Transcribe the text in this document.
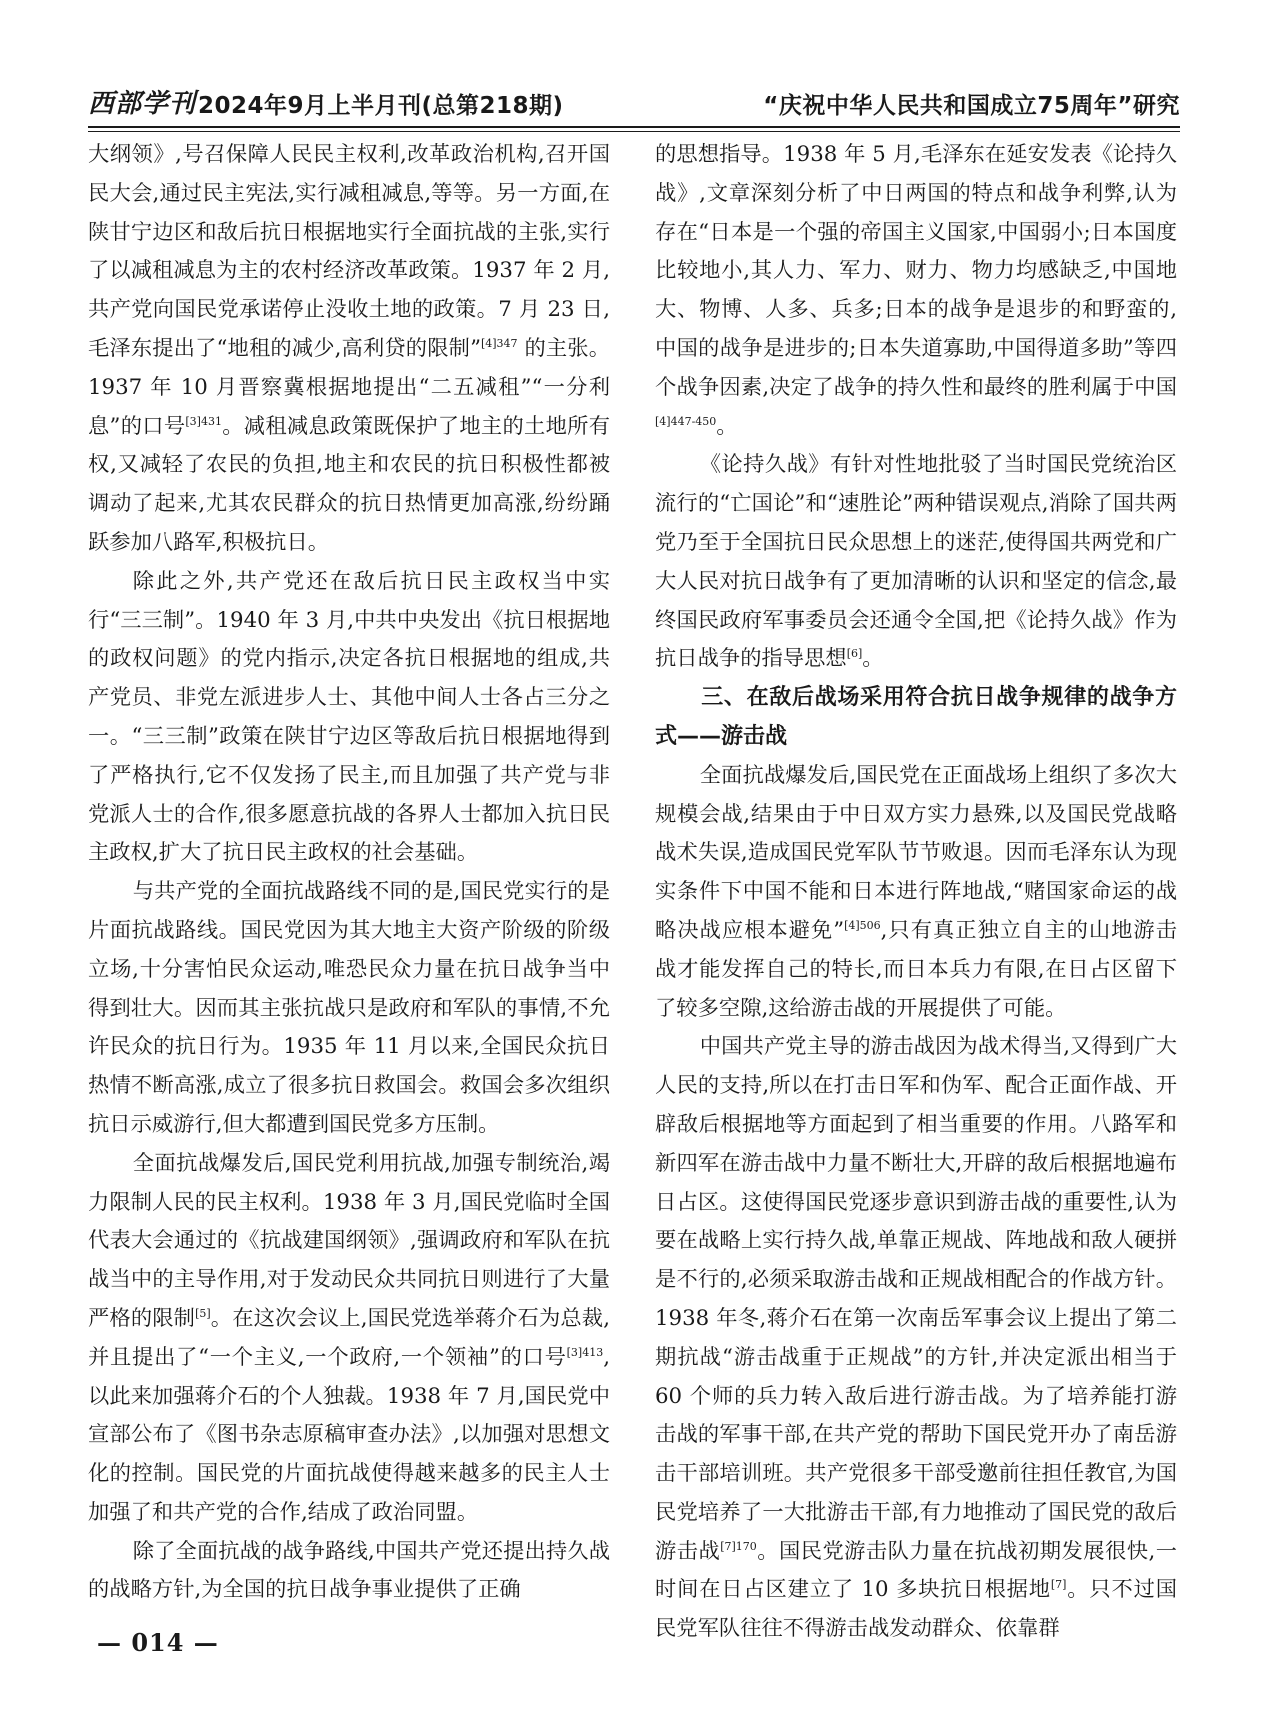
西部学刊 2024年9月上半月刊(总第218期)	“庆祝中华人民共和国成立75周年”研究

大纲领》,号召保障人民民主权利,改革政治机构,召开国民大会,通过民主宪法,实行减租减息,等等。另一方面,在陕甘宁边区和敌后抗日根据地实行全面抗战的主张,实行了以减租减息为主的农村经济改革政策。1937 年 2 月,共产党向国民党承诺停止没收土地的政策。7 月 23 日,毛泽东提出了“地租的减少,高利贷的限制”$^{[4]347}$ 的主张。1937 年 10 月晋察冀根据地提出“二五减租”“一分利息”的口号$^{[3]431}$。减租减息政策既保护了地主的土地所有权,又减轻了农民的负担,地主和农民的抗日积极性都被调动了起来,尤其农民群众的抗日热情更加高涨,纷纷踊跃参加八路军,积极抗日。

除此之外,共产党还在敌后抗日民主政权当中实行“三三制”。1940 年 3 月,中共中央发出《抗日根据地的政权问题》的党内指示,决定各抗日根据地的组成,共产党员、非党左派进步人士、其他中间人士各占三分之一。“三三制”政策在陕甘宁边区等敌后抗日根据地得到了严格执行,它不仅发扬了民主,而且加强了共产党与非党派人士的合作,很多愿意抗战的各界人士都加入抗日民主政权,扩大了抗日民主政权的社会基础。

与共产党的全面抗战路线不同的是,国民党实行的是片面抗战路线。国民党因为其大地主大资产阶级的阶级立场,十分害怕民众运动,唯恐民众力量在抗日战争当中得到壮大。因而其主张抗战只是政府和军队的事情,不允许民众的抗日行为。1935 年 11 月以来,全国民众抗日热情不断高涨,成立了很多抗日救国会。救国会多次组织抗日示威游行,但大都遭到国民党多方压制。

全面抗战爆发后,国民党利用抗战,加强专制统治,竭力限制人民的民主权利。1938 年 3 月,国民党临时全国代表大会通过的《抗战建国纲领》,强调政府和军队在抗战当中的主导作用,对于发动民众共同抗日则进行了大量严格的限制[5]。在这次会议上,国民党选举蒋介石为总裁,并且提出了“一个主义,一个政府,一个领袖”的口号$^{[3]413}$,以此来加强蒋介石的个人独裁。1938 年 7 月,国民党中宣部公布了《图书杂志原稿审查办法》,以加强对思想文化的控制。国民党的片面抗战使得越来越多的民主人士加强了和共产党的合作,结成了政治同盟。

除了全面抗战的战争路线,中国共产党还提出持久战的战略方针,为全国的抗日战争事业提供了正确

的思想指导。1938 年 5 月,毛泽东在延安发表《论持久战》,文章深刻分析了中日两国的特点和战争利弊,认为存在“日本是一个强的帝国主义国家,中国弱小;日本国度比较地小,其人力、军力、财力、物力均感缺乏,中国地大、物博、人多、兵多;日本的战争是退步的和野蛮的,中国的战争是进步的;日本失道寡助,中国得道多助”等四个战争因素,决定了战争的持久性和最终的胜利属于中国$^{[4]447-450}$。

《论持久战》有针对性地批驳了当时国民党统治区流行的“亡国论”和“速胜论”两种错误观点,消除了国共两党乃至于全国抗日民众思想上的迷茫,使得国共两党和广大人民对抗日战争有了更加清晰的认识和坚定的信念,最终国民政府军事委员会还通令全国,把《论持久战》作为抗日战争的指导思想[6]。

三、在敌后战场采用符合抗日战争规律的战争方式——游击战

全面抗战爆发后,国民党在正面战场上组织了多次大规模会战,结果由于中日双方实力悬殊,以及国民党战略战术失误,造成国民党军队节节败退。因而毛泽东认为现实条件下中国不能和日本进行阵地战,“赌国家命运的战略决战应根本避免”$^{[4]506}$,只有真正独立自主的山地游击战才能发挥自己的特长,而日本兵力有限,在日占区留下了较多空隙,这给游击战的开展提供了可能。

中国共产党主导的游击战因为战术得当,又得到广大人民的支持,所以在打击日军和伪军、配合正面作战、开辟敌后根据地等方面起到了相当重要的作用。八路军和新四军在游击战中力量不断壮大,开辟的敌后根据地遍布日占区。这使得国民党逐步意识到游击战的重要性,认为要在战略上实行持久战,单靠正规战、阵地战和敌人硬拼是不行的,必须采取游击战和正规战相配合的作战方针。1938 年冬,蒋介石在第一次南岳军事会议上提出了第二期抗战“游击战重于正规战”的方针,并决定派出相当于 60 个师的兵力转入敌后进行游击战。为了培养能打游击战的军事干部,在共产党的帮助下国民党开办了南岳游击干部培训班。共产党很多干部受邀前往担任教官,为国民党培养了一大批游击干部,有力地推动了国民党的敌后游击战$^{[7]170}$。国民党游击队力量在抗战初期发展很快,一时间在日占区建立了 10 多块抗日根据地[7]。只不过国民党军队往往不得游击战发动群众、依靠群

— 014 —
